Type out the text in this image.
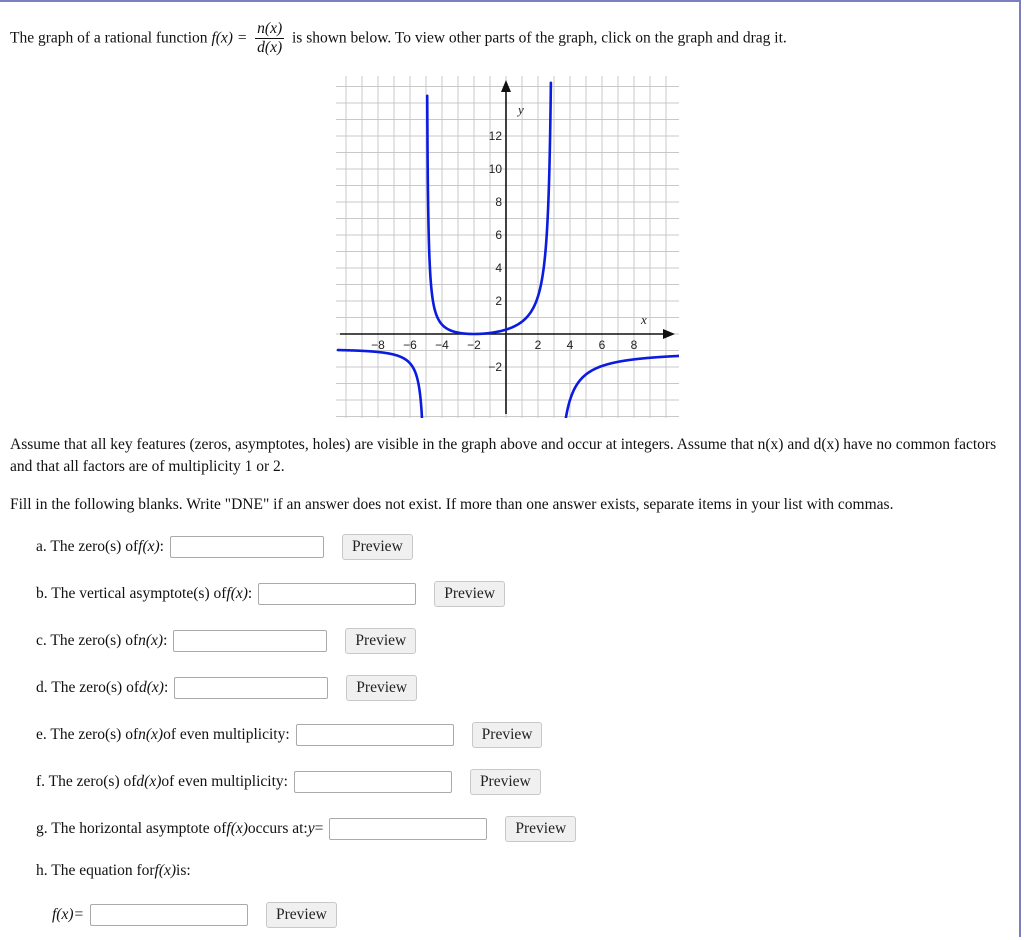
The graph of a rational function $f(x) = \frac{n(x)}{d(x)}$ is shown below. To view other parts of the graph, click on the graph and drag it.
−8 −6 −4 −2	2 4 6 8
−2
2
4
6
8
10
12
x
y
Assume that all key features (zeros, asymptotes, holes) are visible in the graph above and occur at integers. Assume that n(x) and d(x) have no common factors and that all factors are of multiplicity 1 or 2.
Fill in the following blanks. Write "DNE" if an answer does not exist. If more than one answer exists, separate items in your list with commas.
a. The zero(s) of f(x) :	Preview
b. The vertical asymptote(s) of f(x) :	Preview
c. The zero(s) of n(x) :	Preview
d. The zero(s) of d(x) :	Preview
e. The zero(s) of n(x) of even multiplicity:	Preview
f. The zero(s) of d(x) of even multiplicity:	Preview
g. The horizontal asymptote of f(x) occurs at: y =	Preview
h. The equation for f(x) is:
f(x) =	Preview
